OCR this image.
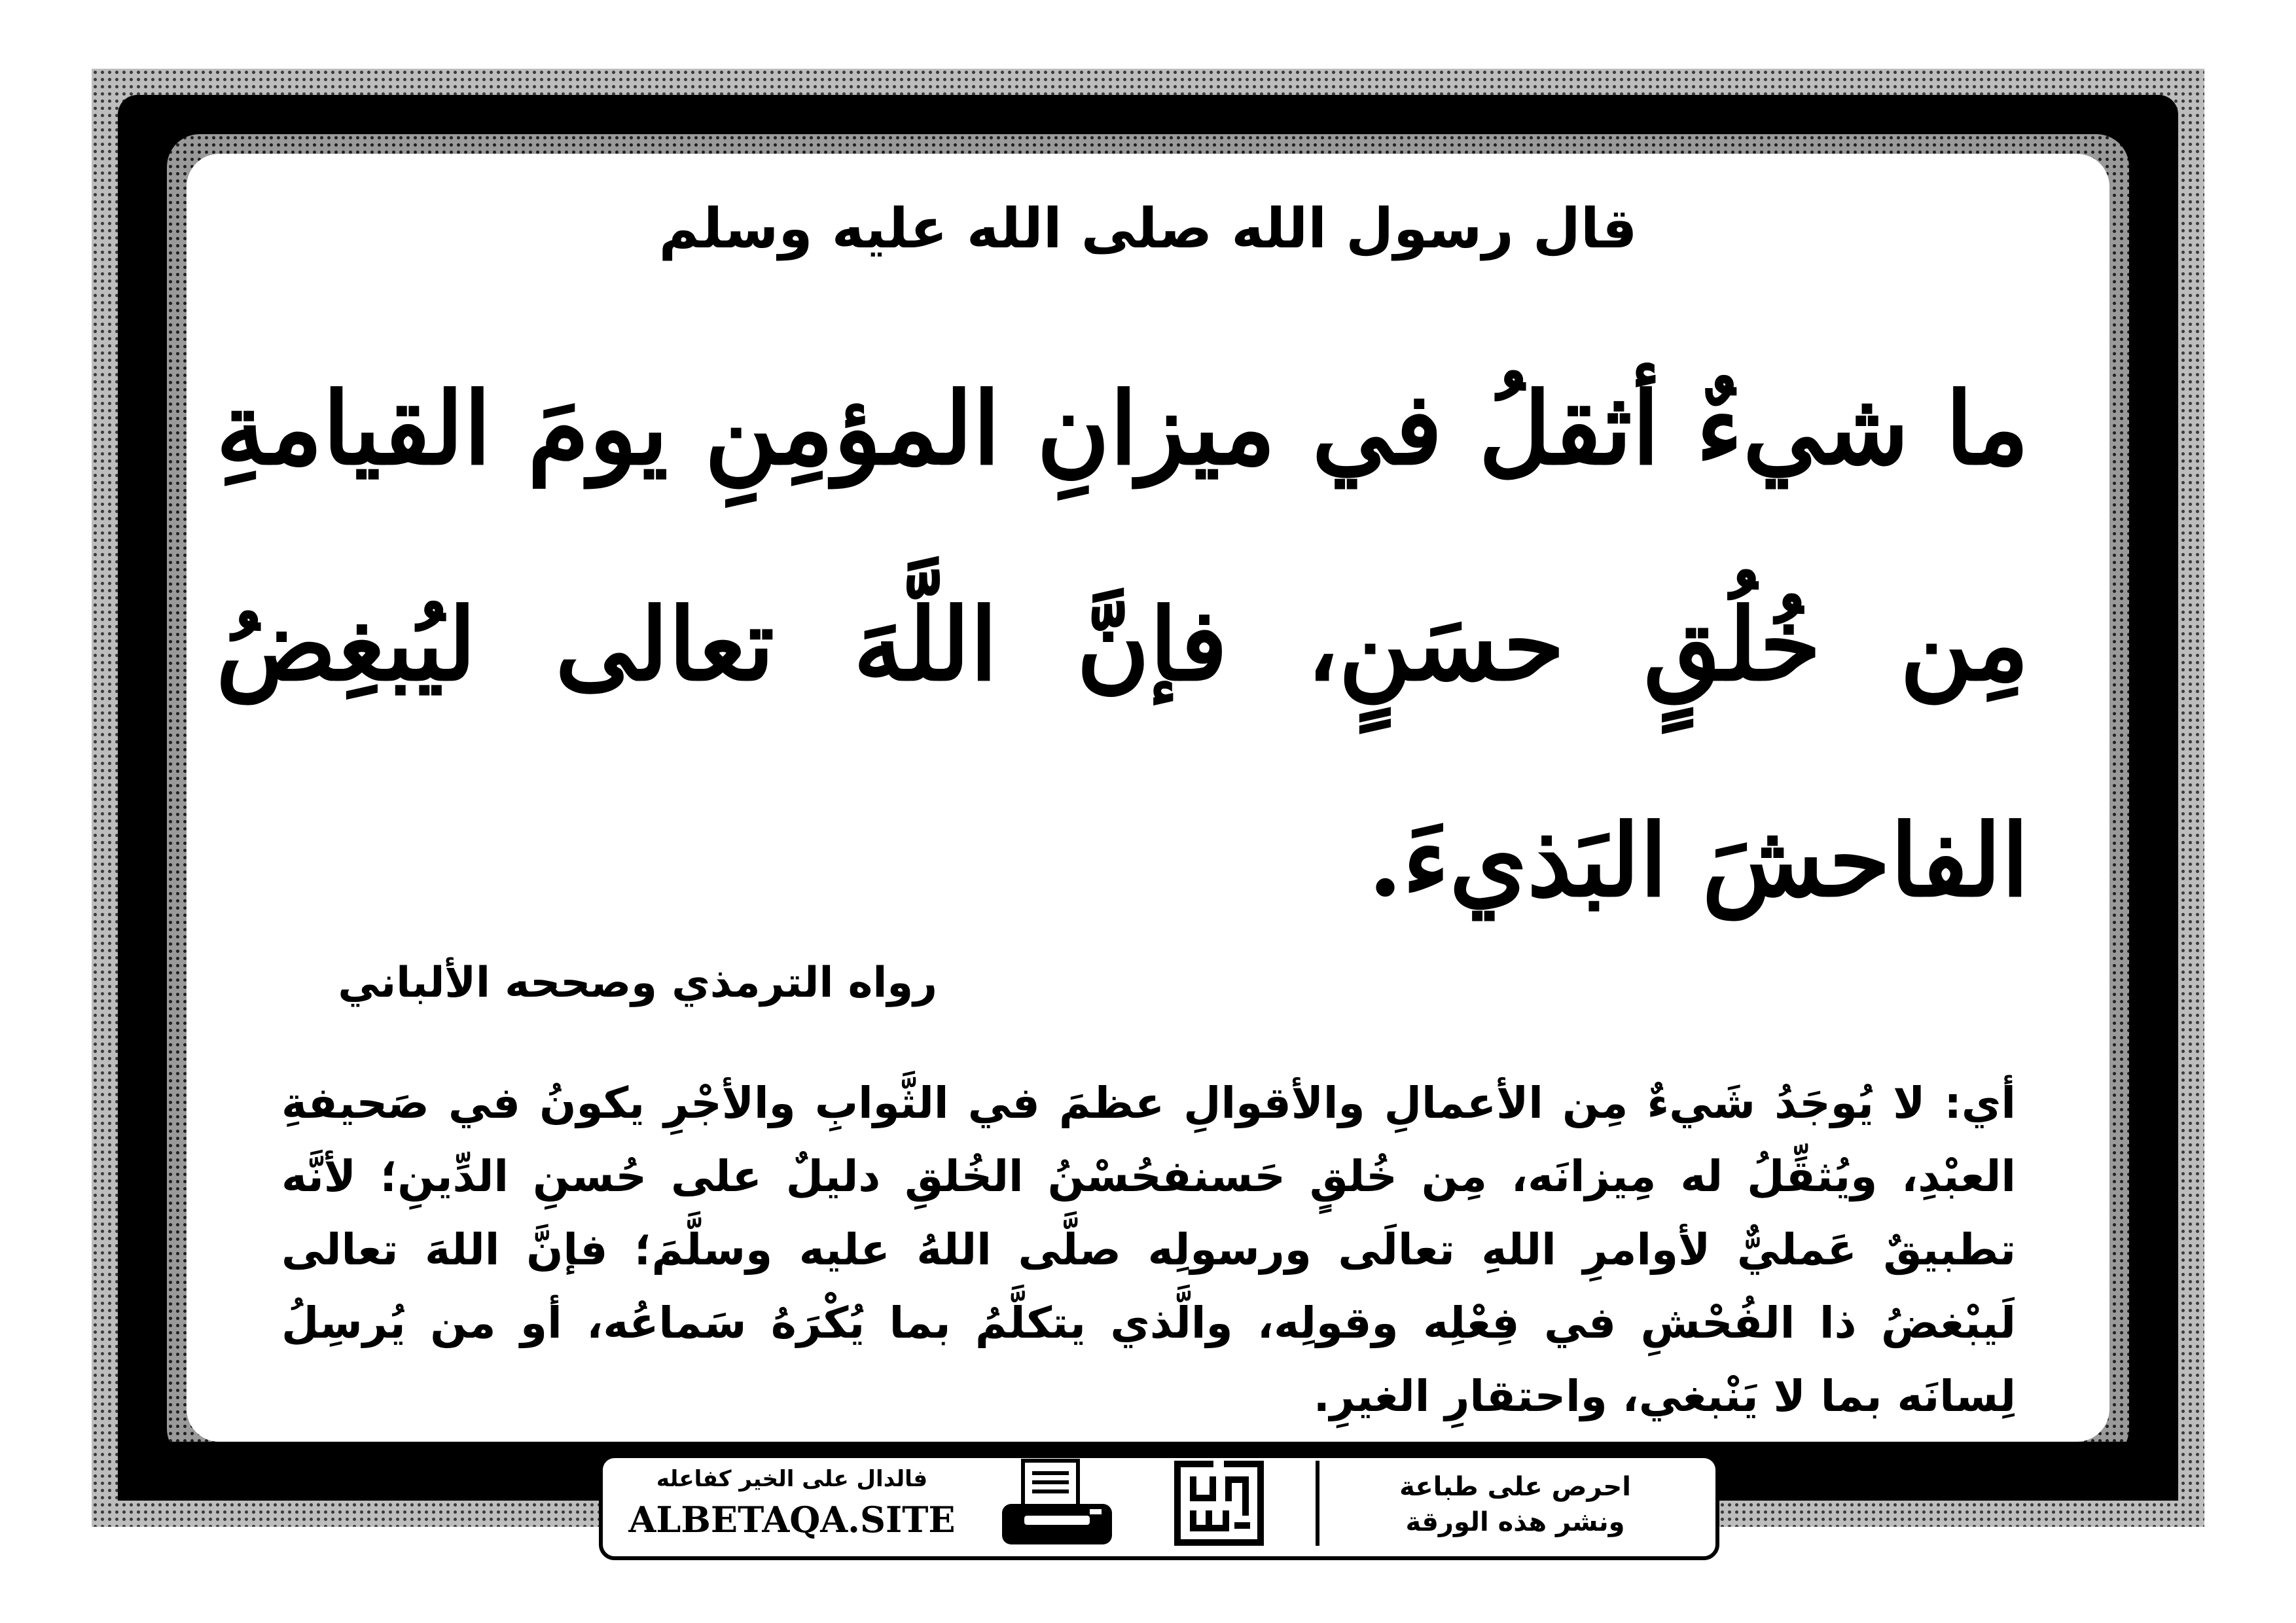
قال رسول الله صلى الله عليه وسلم
ما شيءٌ أثقلُ في ميزانِ المؤمِنِ يومَ القيامةِ مِن خُلُقٍ حسَنٍ، فإنَّ اللَّهَ تعالى ليُبغِضُ الفاحشَ البَذيءَ.
رواه الترمذي وصححه الألباني
أي: لا يُوجَدُ شَيءٌ مِن الأعمالِ والأقوالِ عظمَ في الثَّوابِ والأجْرِ يكونُ في صَحيفةِ العبْدِ، ويُثقِّلُ له مِيزانَه، مِن خُلقٍ حَسنفحُسْنُ الخُلقِ دليلٌ على حُسنِ الدِّينِ؛ لأنَّه تطبيقٌ عَمليٌّ لأوامرِ اللهِ تعالَى ورسولِه صلَّى اللهُ عليه وسلَّمَ؛ فإنَّ اللهَ تعالى لَيبْغضُ ذا الفُحْشِ في فِعْلِه وقولِه، والَّذي يتكلَّمُ بما يُكْرَهُ سَماعُه، أو من يُرسِلُ لِسانَه بما لا يَنْبغي، واحتقارِ الغيرِ.
فالدال على الخير كفاعله
ALBETAQA.SITE
احرص على طباعة
ونشر هذه الورقة
